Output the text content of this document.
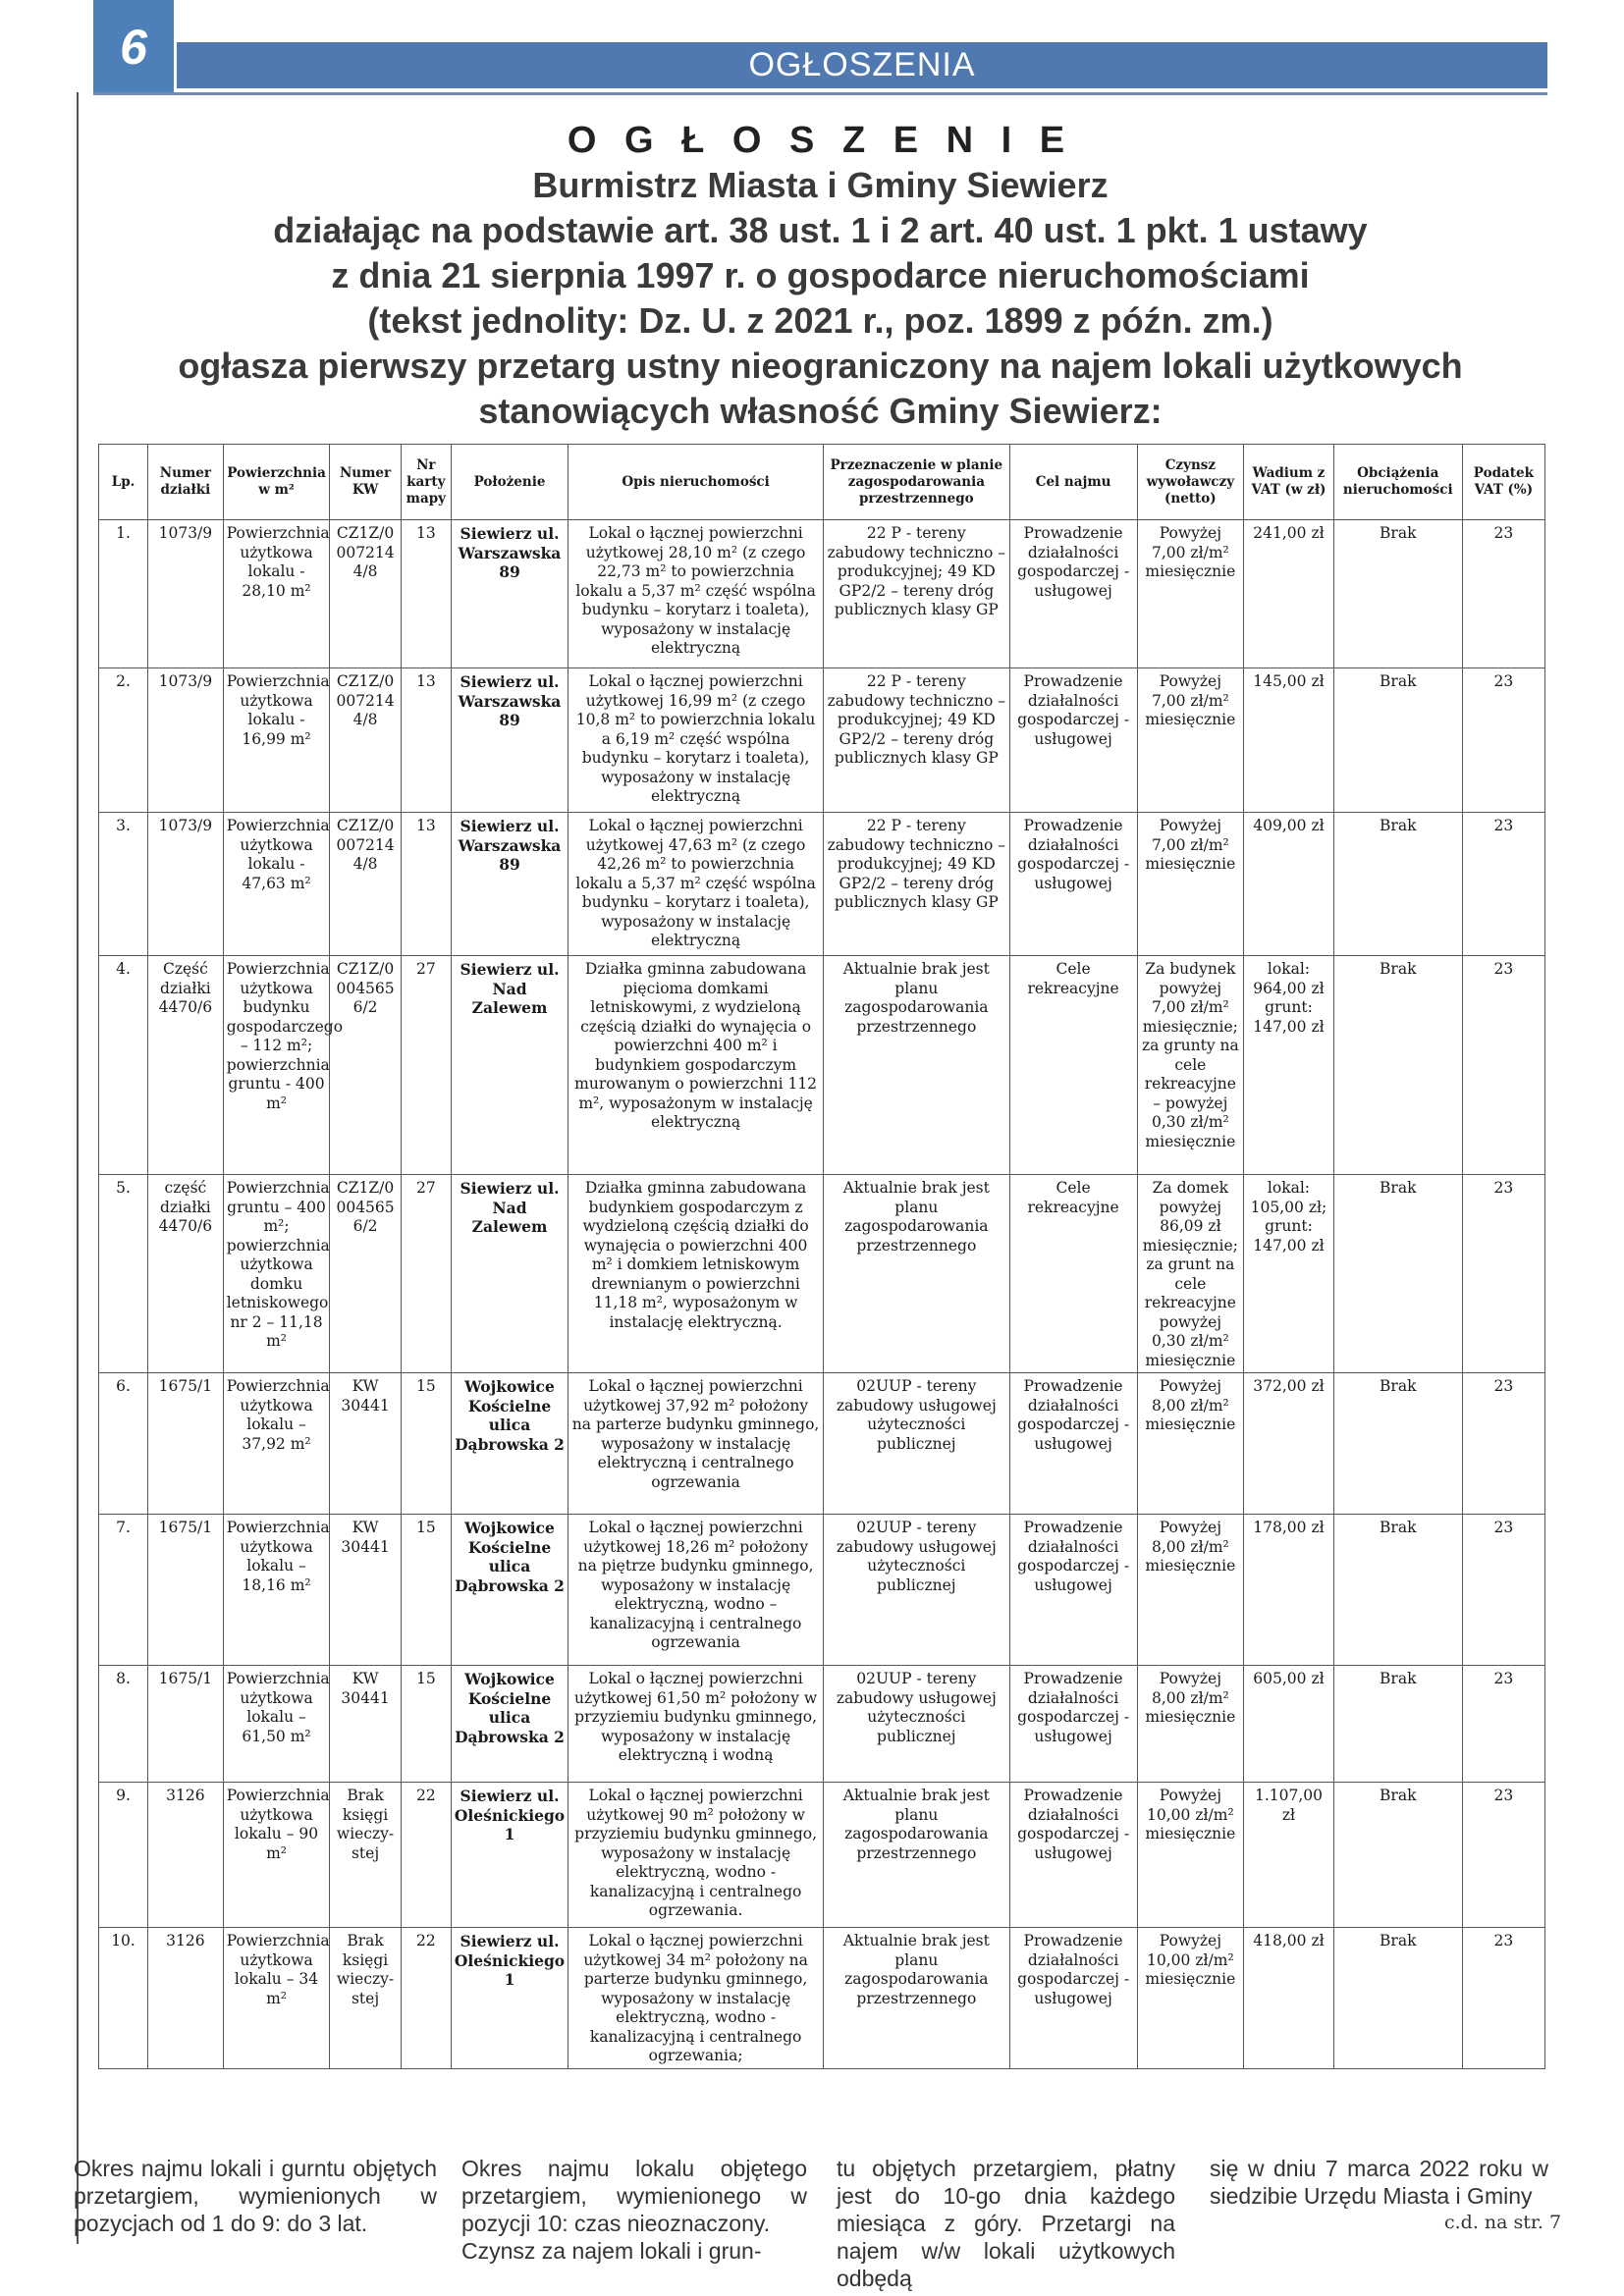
6	OGŁOSZENIA
O G Ł O S Z E N I E
Burmistrz Miasta i Gminy Siewierz
działając na podstawie art. 38 ust. 1 i 2 art. 40 ust. 1 pkt. 1 ustawy
z dnia 21 sierpnia 1997 r. o gospodarce nieruchomościami
(tekst jednolity: Dz. U. z 2021 r., poz. 1899 z późn. zm.)
ogłasza pierwszy przetarg ustny nieograniczony na najem lokali użytkowych
stanowiących własność Gminy Siewierz:
Lp.	Numer działki	Powierzchnia w m²	Numer KW	Nr karty mapy	Położenie	Opis nieruchomości	Przeznaczenie w planie zagospodarowania przestrzennego	Cel najmu	Czynsz wywoławczy (netto)	Wadium z VAT (w zł)	Obciążenia nieruchomości	Podatek VAT (%)
1.	1073/9	Powierzchnia użytkowa lokalu - 28,10 m²	CZ1Z/0 007214 4/8	13	Siewierz ul. Warszawska 89	Lokal o łącznej powierzchni użytkowej 28,10 m² (z czego 22,73 m² to powierzchnia lokalu a 5,37 m² część wspólna budynku – korytarz i toaleta), wyposażony w instalację elektryczną	22 P - tereny zabudowy techniczno – produkcyjnej; 49 KD GP2/2 – tereny dróg publicznych klasy GP	Prowadzenie działalności gospodarczej - usługowej	Powyżej 7,00 zł/m² miesięcznie	241,00 zł	Brak	23
2.	1073/9	Powierzchnia użytkowa lokalu - 16,99 m²	CZ1Z/0 007214 4/8	13	Siewierz ul. Warszawska 89	Lokal o łącznej powierzchni użytkowej 16,99 m² (z czego 10,8 m² to powierzchnia lokalu a 6,19 m² część wspólna budynku – korytarz i toaleta), wyposażony w instalację elektryczną	22 P - tereny zabudowy techniczno – produkcyjnej; 49 KD GP2/2 – tereny dróg publicznych klasy GP	Prowadzenie działalności gospodarczej - usługowej	Powyżej 7,00 zł/m² miesięcznie	145,00 zł	Brak	23
3.	1073/9	Powierzchnia użytkowa lokalu - 47,63 m²	CZ1Z/0 007214 4/8	13	Siewierz ul. Warszawska 89	Lokal o łącznej powierzchni użytkowej 47,63 m² (z czego 42,26 m² to powierzchnia lokalu a 5,37 m² część wspólna budynku – korytarz i toaleta), wyposażony w instalację elektryczną	22 P - tereny zabudowy techniczno – produkcyjnej; 49 KD GP2/2 – tereny dróg publicznych klasy GP	Prowadzenie działalności gospodarczej - usługowej	Powyżej 7,00 zł/m² miesięcznie	409,00 zł	Brak	23
4.	Część działki 4470/6	Powierzchnia użytkowa budynku gospodarczego – 112 m²; powierzchnia gruntu - 400 m²	CZ1Z/0 004565 6/2	27	Siewierz ul. Nad Zalewem	Działka gminna zabudowana pięcioma domkami letniskowymi, z wydzieloną częścią działki do wynajęcia o powierzchni 400 m² i budynkiem gospodarczym murowanym o powierzchni 112 m², wyposażonym w instalację elektryczną	Aktualnie brak jest planu zagospodarowania przestrzennego	Cele rekreacyjne	Za budynek powyżej 7,00 zł/m² miesięcznie; za grunty na cele rekreacyjne – powyżej 0,30 zł/m² miesięcznie	lokal: 964,00 zł grunt: 147,00 zł	Brak	23
5.	część działki 4470/6	Powierzchnia gruntu – 400 m²; powierzchnia użytkowa domku letniskowego nr 2 – 11,18 m²	CZ1Z/0 004565 6/2	27	Siewierz ul. Nad Zalewem	Działka gminna zabudowana budynkiem gospodarczym z wydzieloną częścią działki do wynajęcia o powierzchni 400 m² i domkiem letniskowym drewnianym o powierzchni 11,18 m², wyposażonym w instalację elektryczną.	Aktualnie brak jest planu zagospodarowania przestrzennego	Cele rekreacyjne	Za domek powyżej 86,09 zł miesięcznie; za grunt na cele rekreacyjne powyżej 0,30 zł/m² miesięcznie	lokal: 105,00 zł; grunt: 147,00 zł	Brak	23
6.	1675/1	Powierzchnia użytkowa lokalu – 37,92 m²	KW 30441	15	Wojkowice Kościelne ulica Dąbrowska 2	Lokal o łącznej powierzchni użytkowej 37,92 m² położony na parterze budynku gminnego, wyposażony w instalację elektryczną i centralnego ogrzewania	02UUP - tereny zabudowy usługowej użyteczności publicznej	Prowadzenie działalności gospodarczej - usługowej	Powyżej 8,00 zł/m² miesięcznie	372,00 zł	Brak	23
7.	1675/1	Powierzchnia użytkowa lokalu – 18,16 m²	KW 30441	15	Wojkowice Kościelne ulica Dąbrowska 2	Lokal o łącznej powierzchni użytkowej 18,26 m² położony na piętrze budynku gminnego, wyposażony w instalację elektryczną, wodno – kanalizacyjną i centralnego ogrzewania	02UUP - tereny zabudowy usługowej użyteczności publicznej	Prowadzenie działalności gospodarczej - usługowej	Powyżej 8,00 zł/m² miesięcznie	178,00 zł	Brak	23
8.	1675/1	Powierzchnia użytkowa lokalu – 61,50 m²	KW 30441	15	Wojkowice Kościelne ulica Dąbrowska 2	Lokal o łącznej powierzchni użytkowej 61,50 m² położony w przyziemiu budynku gminnego, wyposażony w instalację elektryczną i wodną	02UUP - tereny zabudowy usługowej użyteczności publicznej	Prowadzenie działalności gospodarczej - usługowej	Powyżej 8,00 zł/m² miesięcznie	605,00 zł	Brak	23
9.	3126	Powierzchnia użytkowa lokalu – 90 m²	Brak księgi wieczy-stej	22	Siewierz ul. Oleśnickiego 1	Lokal o łącznej powierzchni użytkowej 90 m² położony w przyziemiu budynku gminnego, wyposażony w instalację elektryczną, wodno - kanalizacyjną i centralnego ogrzewania.	Aktualnie brak jest planu zagospodarowania przestrzennego	Prowadzenie działalności gospodarczej - usługowej	Powyżej 10,00 zł/m² miesięcznie	1.107,00 zł	Brak	23
10.	3126	Powierzchnia użytkowa lokalu – 34 m²	Brak księgi wieczy-stej	22	Siewierz ul. Oleśnickiego 1	Lokal o łącznej powierzchni użytkowej 34 m² położony na parterze budynku gminnego, wyposażony w instalację elektryczną, wodno - kanalizacyjną i centralnego ogrzewania;	Aktualnie brak jest planu zagospodarowania przestrzennego	Prowadzenie działalności gospodarczej - usługowej	Powyżej 10,00 zł/m² miesięcznie	418,00 zł	Brak	23
Okres najmu lokali i gurntu objętych przetargiem, wymienionych w pozycjach od 1 do 9: do 3 lat.
Okres najmu lokalu objętego przetargiem, wymienionego w pozycji 10: czas nieoznaczony.
Czynsz za najem lokali i grun-
tu objętych przetargiem, płatny jest do 10-go dnia każdego miesiąca z góry. Przetargi na najem w/w lokali użytkowych odbędą
się w dniu 7 marca 2022 roku w siedzibie Urzędu Miasta i Gminy
c.d. na str. 7
